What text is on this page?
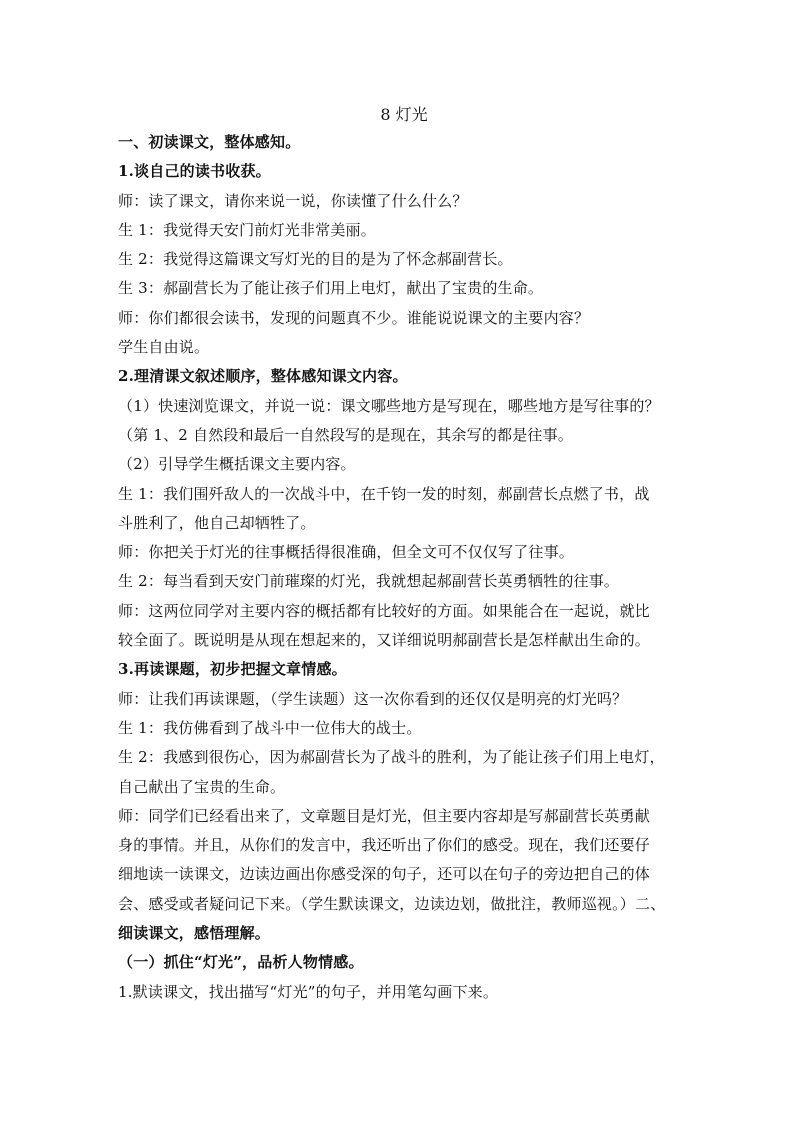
8 灯光
一、初读课文，整体感知。
1.谈自己的读书收获。
师：读了课文，请你来说一说，你读懂了什么什么？
生 1：我觉得天安门前灯光非常美丽。
生 2：我觉得这篇课文写灯光的目的是为了怀念郝副营长。
生 3：郝副营长为了能让孩子们用上电灯，献出了宝贵的生命。
师：你们都很会读书，发现的问题真不少。谁能说说课文的主要内容？
学生自由说。
2.理清课文叙述顺序，整体感知课文内容。
（1）快速浏览课文，并说一说：课文哪些地方是写现在，哪些地方是写往事的？
（第 1、2 自然段和最后一自然段写的是现在，其余写的都是往事。
（2）引导学生概括课文主要内容。
生 1：我们围歼敌人的一次战斗中，在千钧一发的时刻，郝副营长点燃了书，战
斗胜利了，他自己却牺牲了。
师：你把关于灯光的往事概括得很准确，但全文可不仅仅写了往事。
生 2：每当看到天安门前璀璨的灯光，我就想起郝副营长英勇牺牲的往事。
师：这两位同学对主要内容的概括都有比较好的方面。如果能合在一起说，就比
较全面了。既说明是从现在想起来的，又详细说明郝副营长是怎样献出生命的。
3.再读课题，初步把握文章情感。
师：让我们再读课题，（学生读题）这一次你看到的还仅仅是明亮的灯光吗？
生 1：我仿佛看到了战斗中一位伟大的战士。
生 2：我感到很伤心，因为郝副营长为了战斗的胜利，为了能让孩子们用上电灯，
自己献出了宝贵的生命。
师：同学们已经看出来了，文章题目是灯光，但主要内容却是写郝副营长英勇献
身的事情。并且，从你们的发言中，我还听出了你们的感受。现在，我们还要仔
细地读一读课文，边读边画出你感受深的句子，还可以在句子的旁边把自己的体
会、感受或者疑问记下来。（学生默读课文，边读边划，做批注，教师巡视。）二、
细读课文，感悟理解。
（一）抓住“灯光”，品析人物情感。
1.默读课文，找出描写“灯光”的句子，并用笔勾画下来。
